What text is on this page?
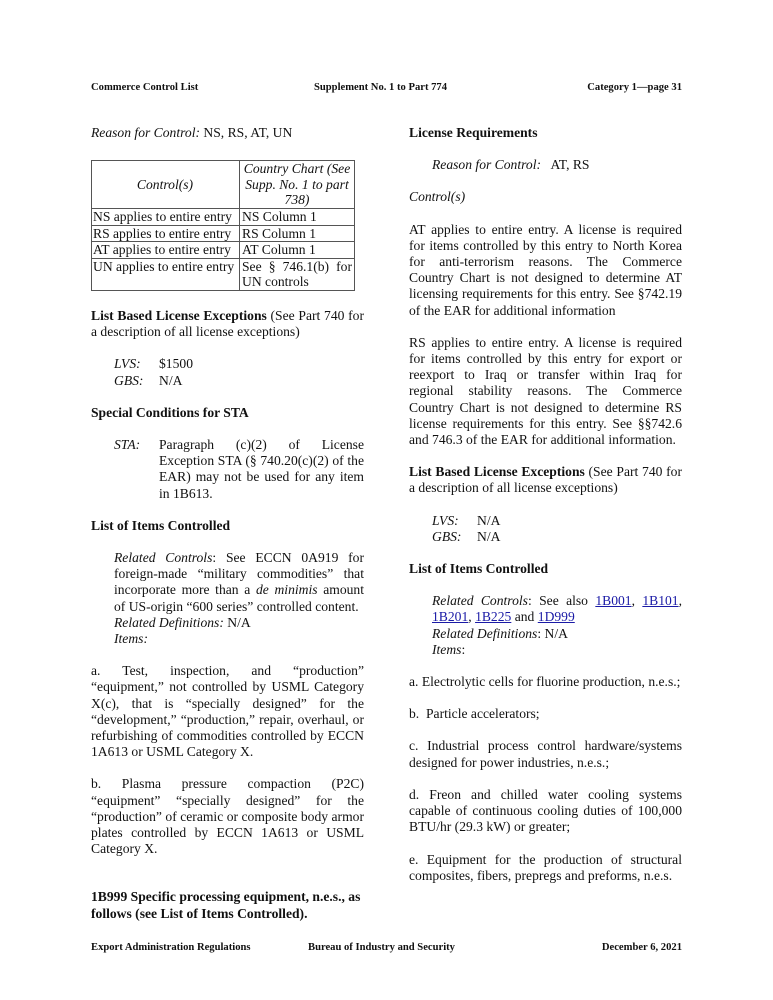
Commerce Control List	Supplement No. 1 to Part 774	Category 1—page 31

Reason for Control: NS, RS, AT, UN

Control(s)	Country Chart (See Supp. No. 1 to part 738)
NS applies to entire entry	NS Column 1
RS applies to entire entry	RS Column 1
AT applies to entire entry	AT Column 1
UN applies to entire entry	See § 746.1(b) for UN controls

List Based License Exceptions (See Part 740 for a description of all license exceptions)

LVS:	$1500
GBS:	N/A

Special Conditions for STA

STA:	Paragraph (c)(2) of License Exception STA (§ 740.20(c)(2) of the EAR) may not be used for any item in 1B613.

List of Items Controlled

Related Controls: See ECCN 0A919 for foreign-made “military commodities” that incorporate more than a de minimis amount of US-origin “600 series” controlled content.

Related Definitions: N/A

Items:

a. Test, inspection, and “production” “equipment,” not controlled by USML Category X(c), that is “specially designed” for the “development,” “production,” repair, overhaul, or refurbishing of commodities controlled by ECCN 1A613 or USML Category X.

b. Plasma pressure compaction (P2C) “equipment” “specially designed” for the “production” of ceramic or composite body armor plates controlled by ECCN 1A613 or USML Category X.

1B999 Specific processing equipment, n.e.s., as follows (see List of Items Controlled).

License Requirements

Reason for Control:   AT, RS

Control(s)

AT applies to entire entry. A license is required for items controlled by this entry to North Korea for anti-terrorism reasons. The Commerce Country Chart is not designed to determine AT licensing requirements for this entry. See §742.19 of the EAR for additional information

RS applies to entire entry. A license is required for items controlled by this entry for export or reexport to Iraq or transfer within Iraq for regional stability reasons. The Commerce Country Chart is not designed to determine RS license requirements for this entry. See §§742.6 and 746.3 of the EAR for additional information.

List Based License Exceptions (See Part 740 for a description of all license exceptions)

LVS:	N/A
GBS:	N/A

List of Items Controlled

Related Controls: See also 1B001, 1B101, 1B201, 1B225 and 1D999

Related Definitions: N/A

Items:

a. Electrolytic cells for fluorine production, n.e.s.;

b.  Particle accelerators;

c. Industrial process control hardware/systems designed for power industries, n.e.s.;

d. Freon and chilled water cooling systems capable of continuous cooling duties of 100,000 BTU/hr (29.3 kW) or greater;

e. Equipment for the production of structural composites, fibers, prepregs and preforms, n.e.s.

Export Administration Regulations	Bureau of Industry and Security	December 6, 2021
